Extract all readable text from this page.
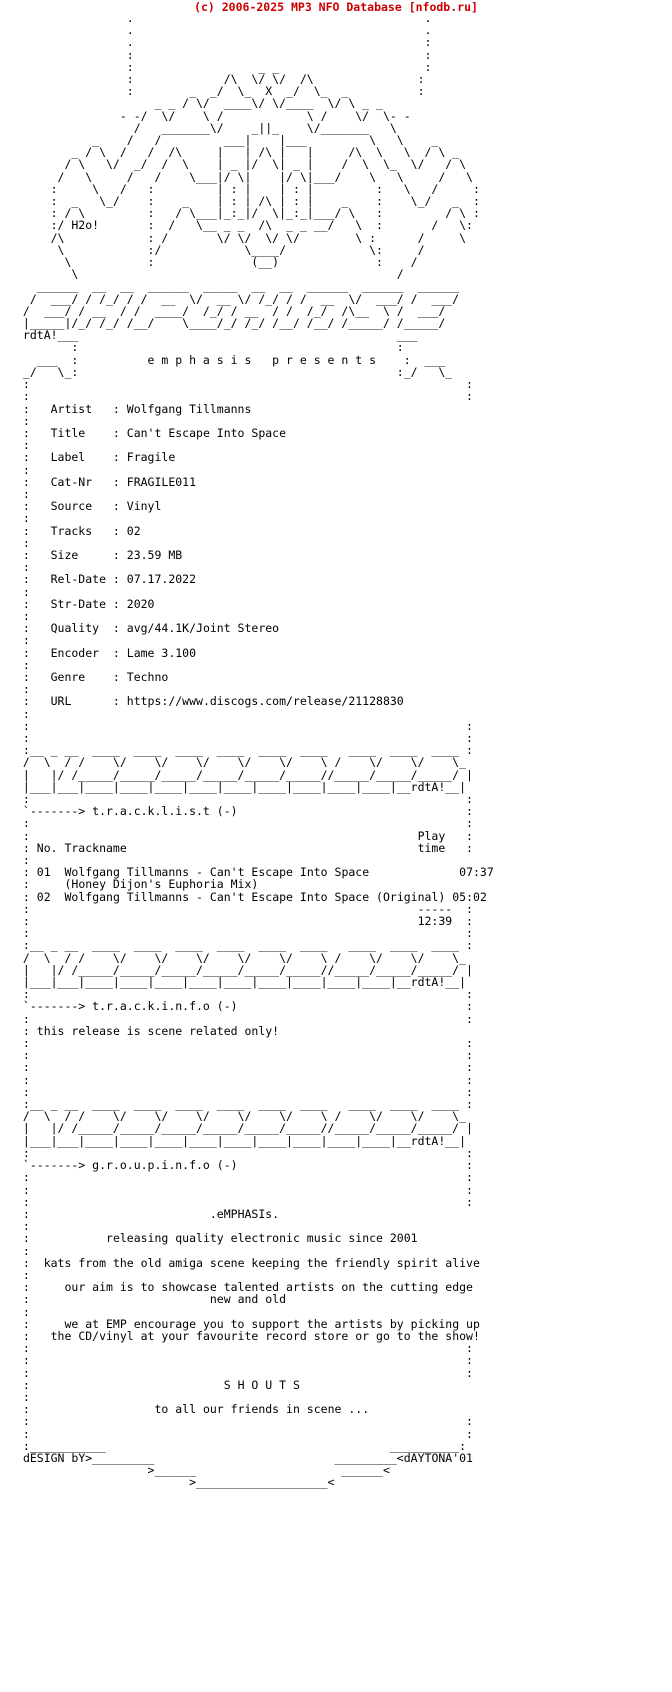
(c) 2006-2025 MP3 NFO Database [nfodb.ru]
.                                          .
.                                          .
.                                          :
:                                          :
:                  _ _                     :
:             /\  \/ \/  /\               :
:        _  _/  \_  X  _/  \_  _          :
_ _ / \/  ____\/ \/____  \/ \ _ _
- -/  \/    \ /            \ /    \/  \- -
/   _______\/    _||_    \/_______   \
_    /   /         ___|    |___         \   \    _
_ / \  /   /  /\     |   | /\ |   |     /\  \   \  / \ _
/ \   \/  _/  /  \    | _ |/  \| _ |    /  \  \_  \/   / \
/   \     /   /    \___|/ \|    |/ \|___/    \   \     /   \
:     \   /   :         | : |    | : |         :   \   /     :
:  _   \_/    :    _    | : | /\ | : |    _    :    \_/   _  :
: / \         :   / \___|_:_|/  \|_:_|___/ \   :         / \ :
:/ H2o!       :  /   \__ _ _  /\  _ _ __/   \  :       /   \:
/\            : /       \/ \/  \/ \/        \ :      /     \
\            :/            \____/            \:     /
\           :              (__)              :    /
\                                              /
______  __  __  ______  _____  __  __  ______  ______  ______
/  ___/ / /_/ / /  __  \/  __ \/ /_/ / /  __  \/  ___/ /  ___/
/  ___/ / __  / /  ____/  /_/ / __  / /  /_/  /\__  \ /  ___/
|_____|/_/ /_/ /__/    \____/_/ /_/ /__/ /__/ /_____/ /_____/
rdtA!___                                              ___
:                                              :
___  :          e m p h a s i s   p r e s e n t s    :  ___
_/   \_:                                              :_/   \_
:                                                               :
:                                                               :
:   Artist   : Wolfgang Tillmanns
:
:   Title    : Can't Escape Into Space
:
:   Label    : Fragile
:
:   Cat-Nr   : FRAGILE011
:
:   Source   : Vinyl
:
:   Tracks   : 02
:
:   Size     : 23.59 MB
:
:   Rel-Date : 07.17.2022
:
:   Str-Date : 2020
:
:   Quality  : avg/44.1K/Joint Stereo
:
:   Encoder  : Lame 3.100
:
:   Genre    : Techno
:
:   URL      : https://www.discogs.com/release/21128830
:
:                                                               :
:                                                               :
:__ _ __  ____  ____  ____  ____  ____  ____   ____  ____  ____ :
/  \  / /    \/    \/    \/    \/    \/    \ /    \/    \/    \_
|   |/ /_____/_____/_____/_____/_____/_____//_____/_____/_____/ |
|___|___|____|____|____|____|____|____|____|____|____|__rdtA!__|
:                                                               :
`-------> t.r.a.c.k.l.i.s.t (-)                                 :
:                                                               :
:                                                        Play   :
: No. Trackname                                          time   :
:
: 01 Wolfgang Tillmanns - Can't Escape Into Space	07:37
:     (Honey Dijon's Euphoria Mix)
: 02 Wolfgang Tillmanns - Can't Escape Into Space (Original) 05:02
:                                                        -----  :
:                                                        12:39  :
:                                                               :
:__ _ __  ____  ____  ____  ____  ____  ____   ____  ____  ____ :
/  \  / /    \/    \/    \/    \/    \/    \ /    \/    \/    \_
|   |/ /_____/_____/_____/_____/_____/_____//_____/_____/_____/ |
|___|___|____|____|____|____|____|____|____|____|____|__rdtA!__|
:                                                               :
`-------> t.r.a.c.k.i.n.f.o (-)                                 :
:                                                               :
: this release is scene related only!
:                                                               :
:                                                               :
:                                                               :
:                                                               :
:                                                               :
:__ _ __  ____  ____  ____  ____  ____  ____   ____  ____  ____ :
/  \  / /    \/    \/    \/    \/    \/    \ /    \/    \/    \_
|   |/ /_____/_____/_____/_____/_____/_____//_____/_____/_____/ |
|___|___|____|____|____|____|____|____|____|____|____|__rdtA!__|
:                                                               :
`-------> g.r.o.u.p.i.n.f.o (-)                                 :
:                                                               :
:                                                               :
:                                                               :
:                          .eMPHASIs.
:
:           releasing quality electronic music since 2001
:
:  kats from the old amiga scene keeping the friendly spirit alive
:
:     our aim is to showcase talented artists on the cutting edge
:                          new and old
:
:     we at EMP encourage you to support the artists by picking up
:   the CD/vinyl at your favourite record store or go to the show!
:                                                               :
:                                                               :
:                                                               :
:                            S H O U T S
:
:                  to all our friends in scene ...
:                                                               :
:                                                               :
:___________                                         __________:
dESIGN bY>_________                          _________<dAYTONA'01
>______                     ______<
>___________________<
